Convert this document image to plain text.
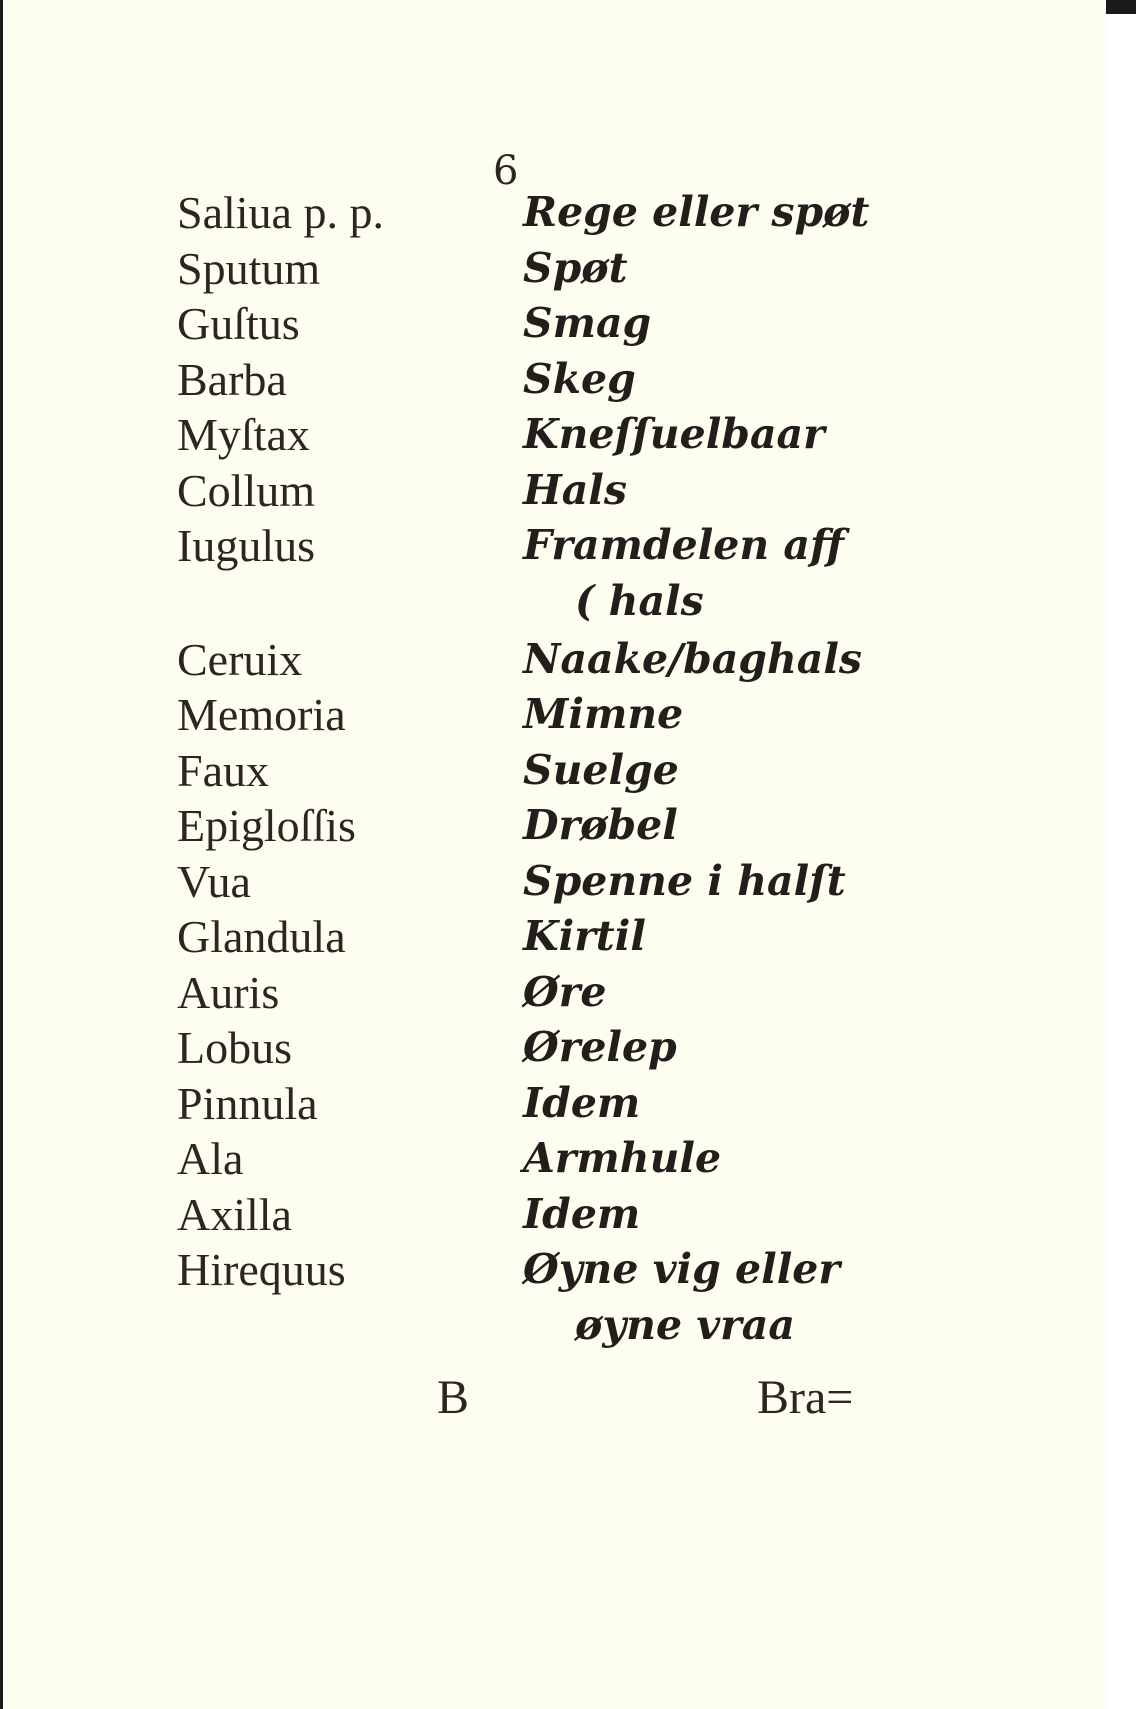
6
Saliua p. p.	Rege eller spøt
Sputum	Spøt
Guſtus	Smag
Barba	Skeg
Myſtax	Kneſſuelbaar
Collum	Hals
Iugulus	Framdelen aff
( hals
Ceruix	Naake/baghals
Memoria	Mimne
Faux	Suelge
Epigloſſis	Drøbel
Vua	Spenne i halſt
Glandula	Kirtil
Auris	Øre
Lobus	Ørelep
Pinnula	Idem
Ala	Armhule
Axilla	Idem
Hirequus	Øyne vig eller
øyne vraa
B	Bra=
